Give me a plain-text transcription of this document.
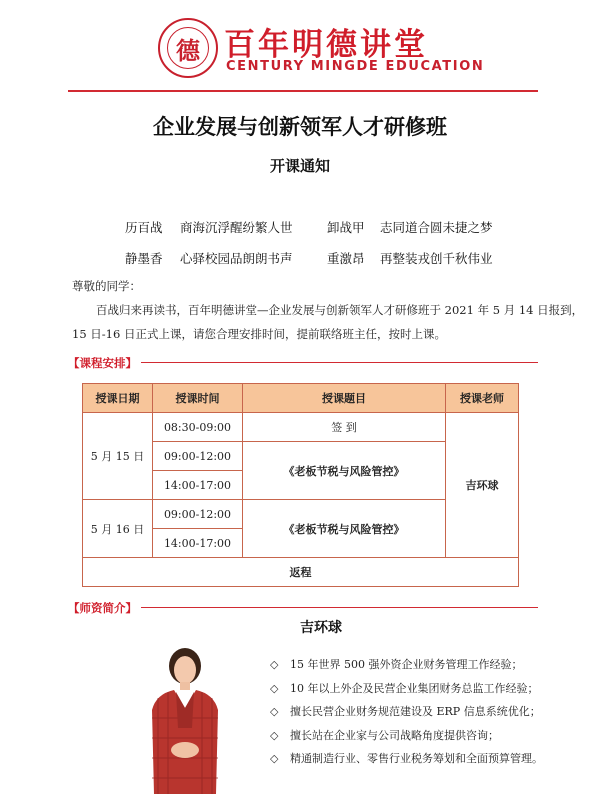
德 百年明德讲堂
CENTURY MINGDE EDUCATION
企业发展与创新领军人才研修班
开课通知
历百战 商海沉浮醒纷繁人世	卸战甲 志同道合圆未捷之梦
静墨香 心驿校园品朗朗书声	重激昂 再整装戎创千秋伟业
尊敬的同学：
百战归来再读书，百年明德讲堂—企业发展与创新领军人才研修班于 2021 年 5 月 14 日报到，
15 日-16 日正式上课，请您合理安排时间，提前联络班主任，按时上课。
【课程安排】
授课日期	授课时间	授课题目	授课老师
5 月 15 日	08:30-09:00	签 到	吉环球
	09:00-12:00	《老板节税与风险管控》	
	14:00-17:00		
5 月 16 日	09:00-12:00	《老板节税与风险管控》	
	14:00-17:00		
返程			
【师资简介】
吉环球
◇ 15 年世界 500 强外资企业财务管理工作经验；
◇ 10 年以上外企及民营企业集团财务总监工作经验；
◇ 擅长民营企业财务规范建设及 ERP 信息系统优化；
◇ 擅长站在企业家与公司战略角度提供咨询；
◇ 精通制造行业、零售行业税务筹划和全面预算管理。
